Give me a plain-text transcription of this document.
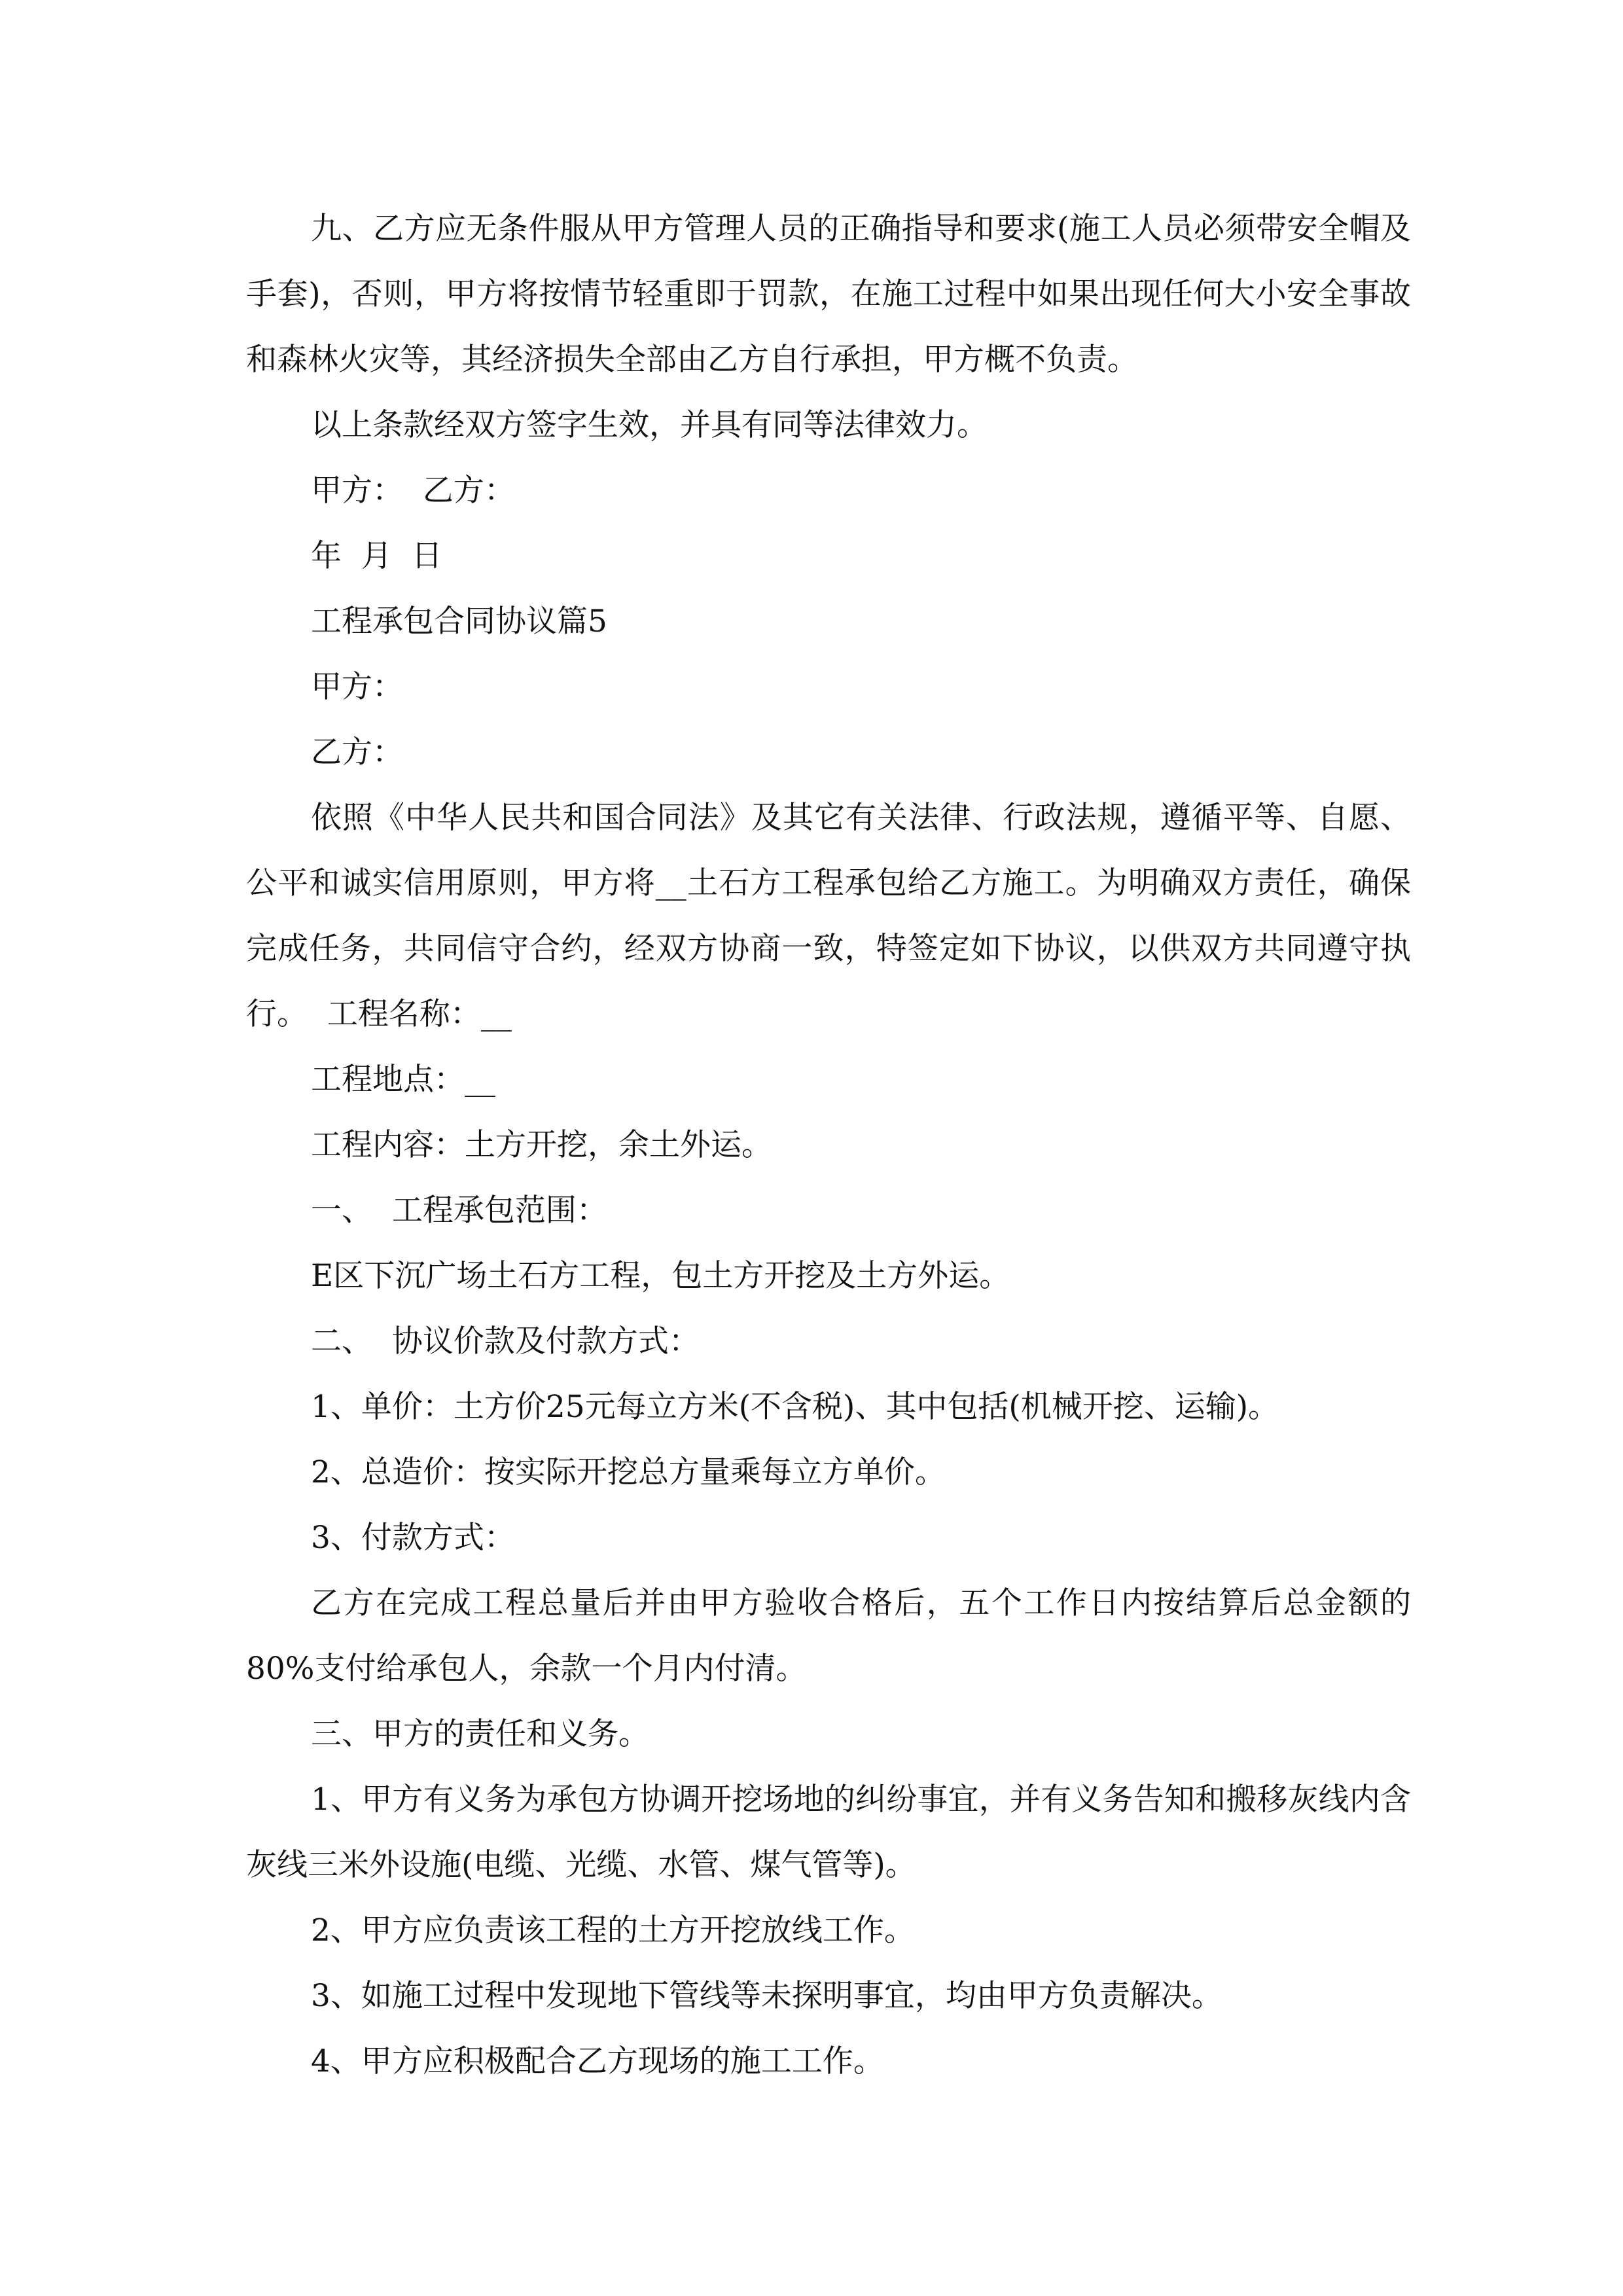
九、乙方应无条件服从甲方管理人员的正确指导和要求(施工人员必须带安全帽及手套)，否则，甲方将按情节轻重即于罚款，在施工过程中如果出现任何大小安全事故和森林火灾等，其经济损失全部由乙方自行承担，甲方概不负责。

以上条款经双方签字生效，并具有同等法律效力。

甲方：  乙方：

年  月  日

工程承包合同协议篇5

甲方：

乙方：

依照《中华人民共和国合同法》及其它有关法律、行政法规，遵循平等、自愿、公平和诚实信用原则，甲方将__土石方工程承包给乙方施工。为明确双方责任，确保完成任务，共同信守合约，经双方协商一致，特签定如下协议，以供双方共同遵守执行。  工程名称：__

工程地点：__

工程内容：土方开挖，余土外运。

一、  工程承包范围：

E区下沉广场土石方工程，包土方开挖及土方外运。

二、  协议价款及付款方式：

1、单价：土方价25元每立方米(不含税)、其中包括(机械开挖、运输)。

2、总造价：按实际开挖总方量乘每立方单价。

3、付款方式：

乙方在完成工程总量后并由甲方验收合格后，五个工作日内按结算后总金额的80%支付给承包人，余款一个月内付清。

三、甲方的责任和义务。

1、甲方有义务为承包方协调开挖场地的纠纷事宜，并有义务告知和搬移灰线内含灰线三米外设施(电缆、光缆、水管、煤气管等)。

2、甲方应负责该工程的土方开挖放线工作。

3、如施工过程中发现地下管线等未探明事宜，均由甲方负责解决。

4、甲方应积极配合乙方现场的施工工作。
